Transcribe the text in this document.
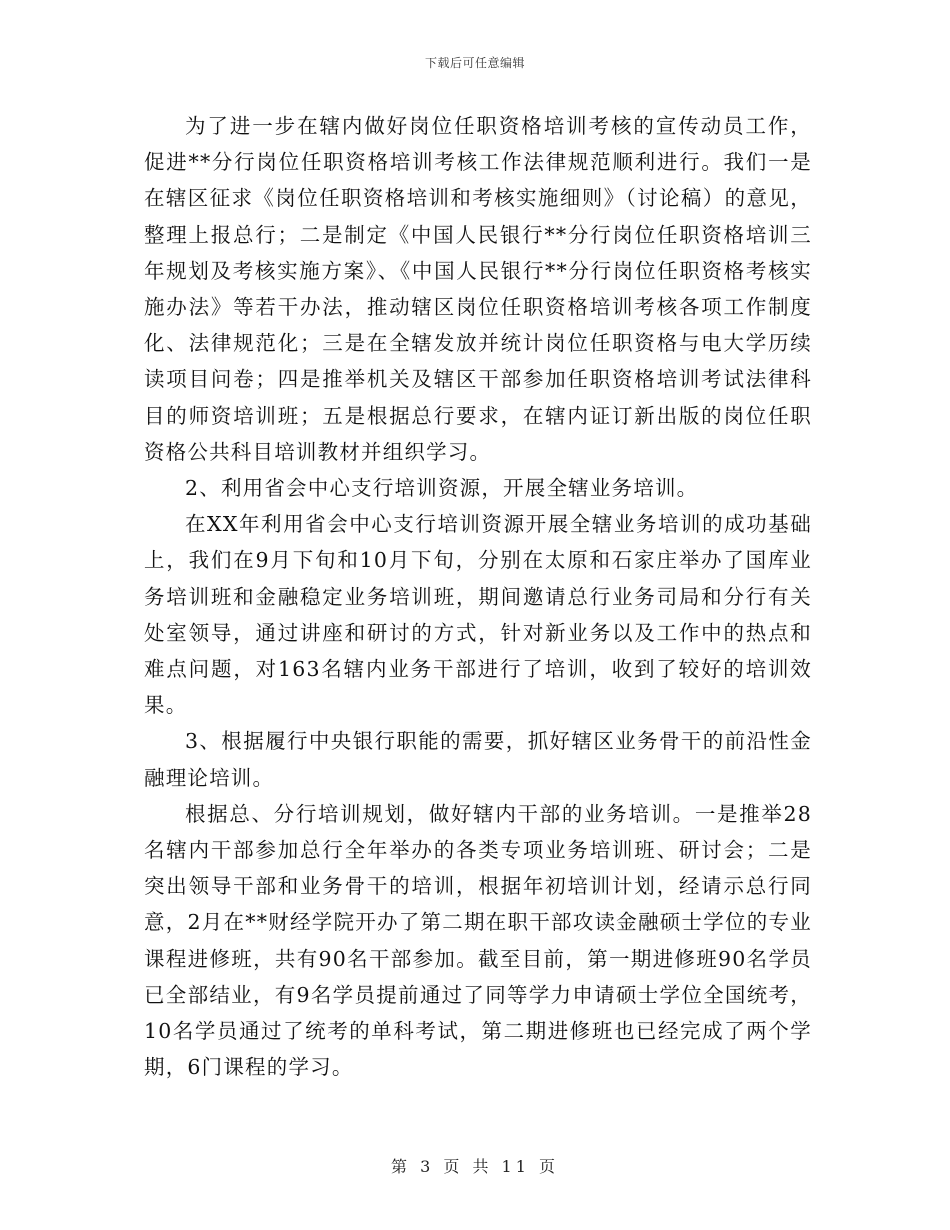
下载后可任意编辑

为了进一步在辖内做好岗位任职资格培训考核的宣传动员工作，促进**分行岗位任职资格培训考核工作法律规范顺利进行。我们一是在辖区征求《岗位任职资格培训和考核实施细则》（讨论稿）的意见，整理上报总行；二是制定《中国人民银行**分行岗位任职资格培训三年规划及考核实施方案》、《中国人民银行**分行岗位任职资格考核实施办法》等若干办法，推动辖区岗位任职资格培训考核各项工作制度化、法律规范化；三是在全辖发放并统计岗位任职资格与电大学历续读项目问卷；四是推举机关及辖区干部参加任职资格培训考试法律科目的师资培训班；五是根据总行要求，在辖内证订新出版的岗位任职资格公共科目培训教材并组织学习。

2、利用省会中心支行培训资源，开展全辖业务培训。

在XX年利用省会中心支行培训资源开展全辖业务培训的成功基础上，我们在9月下旬和10月下旬，分别在太原和石家庄举办了国库业务培训班和金融稳定业务培训班，期间邀请总行业务司局和分行有关处室领导，通过讲座和研讨的方式，针对新业务以及工作中的热点和难点问题，对163名辖内业务干部进行了培训，收到了较好的培训效果。

3、根据履行中央银行职能的需要，抓好辖区业务骨干的前沿性金融理论培训。

根据总、分行培训规划，做好辖内干部的业务培训。一是推举28名辖内干部参加总行全年举办的各类专项业务培训班、研讨会；二是突出领导干部和业务骨干的培训，根据年初培训计划，经请示总行同意，2月在**财经学院开办了第二期在职干部攻读金融硕士学位的专业课程进修班，共有90名干部参加。截至目前，第一期进修班90名学员已全部结业，有9名学员提前通过了同等学力申请硕士学位全国统考，10名学员通过了统考的单科考试，第二期进修班也已经完成了两个学期，6门课程的学习。

第 3 页 共 11 页
